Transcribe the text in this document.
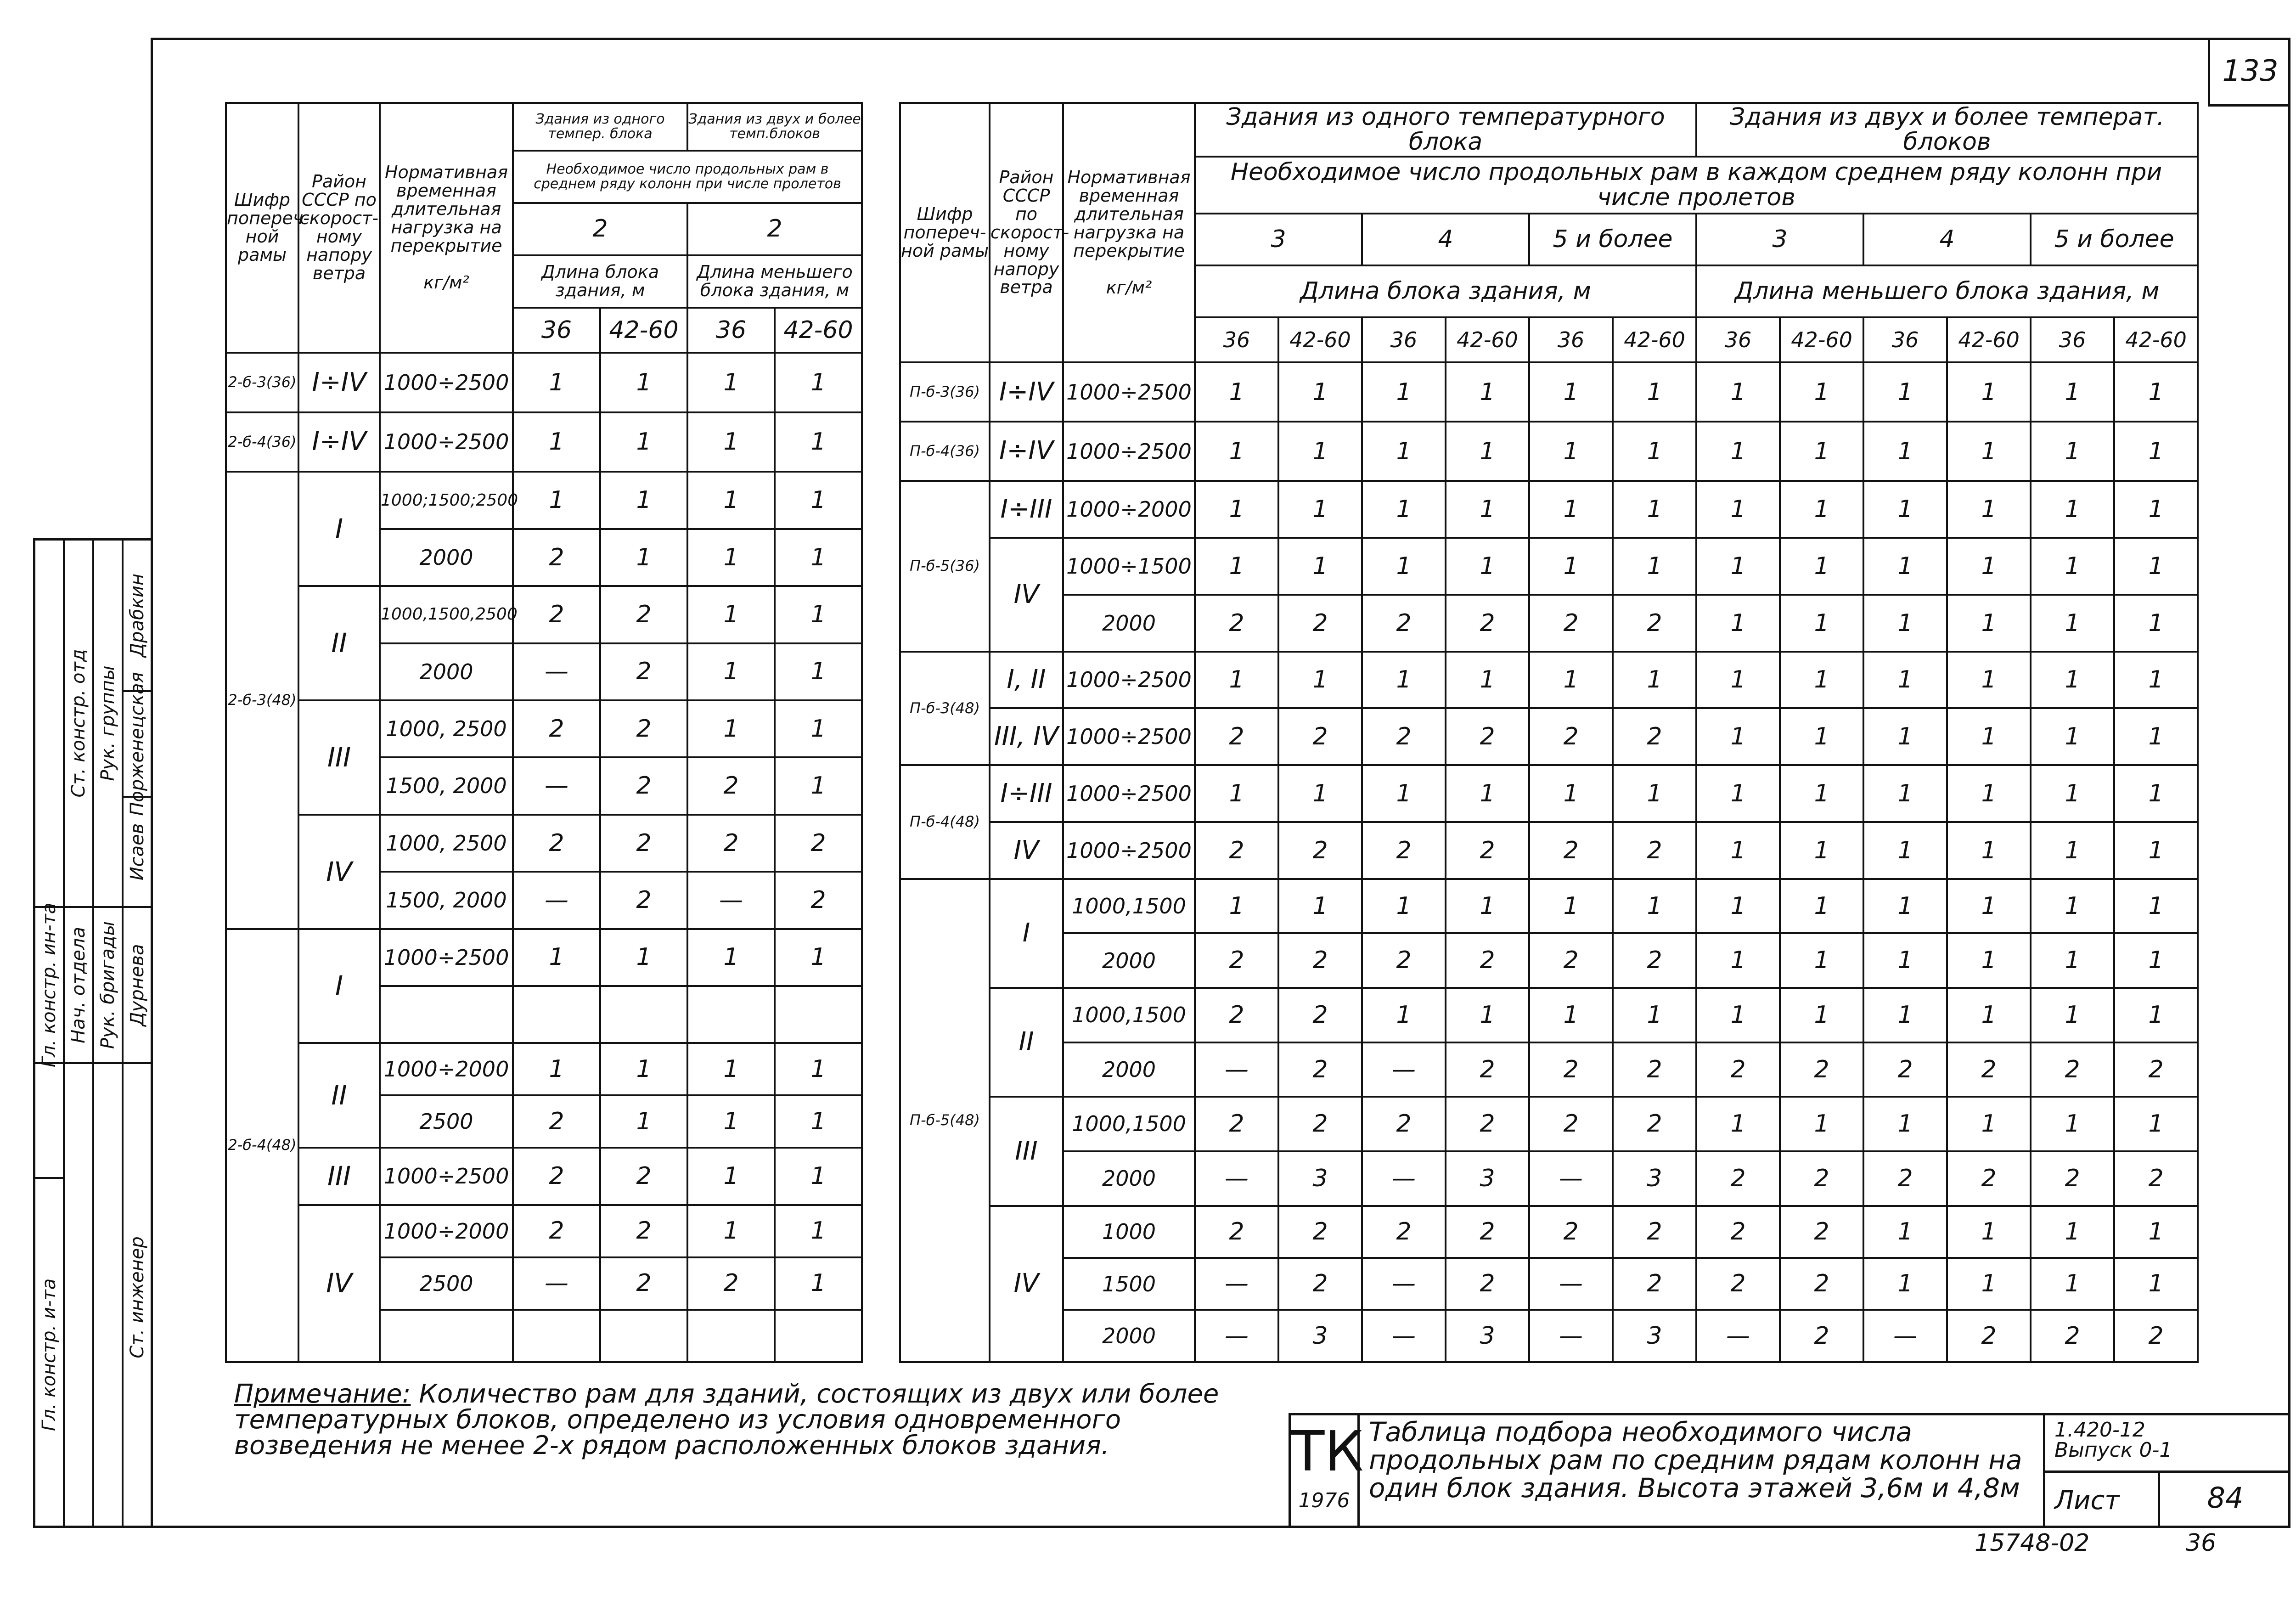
133
Шифр попереч-ной рамы	Район СССР по скорост-ному напору ветра	Нормативная временная длительная нагрузка на перекрытие
кг/м²	Здания из одного темпер. блока		Здания из двух и более темп.блоков	
			Необходимое число продольных рам в среднем ряду колонн при числе пролетов			
			2		2	
			Длина блока здания, м		Длина меньшего блока здания, м	
			36	42-60	36	42-60
2-б-3(36)	I÷IV	1000÷2500	1	1	1	1
2-б-4(36)	I÷IV	1000÷2500	1	1	1	1
2-б-3(48)	I	1000;1500;2500	1	1	1	1
		2000	2	1	1	1
	II	1000,1500,2500	2	2	1	1
		2000	—	2	1	1
	III	1000, 2500	2	2	1	1
		1500, 2000	—	2	2	1
	IV	1000, 2500	2	2	2	2
		1500, 2000	—	2	—	2
2-б-4(48)	I	1000÷2500	1	1	1	1

	II	1000÷2000	1	1	1	1
		2500	2	1	1	1
	III	1000÷2500	2	2	1	1
	IV	1000÷2000	2	2	1	1
		2500	—	2	2	1

Шифр попереч-ной рамы	Район СССР по скорост-ному напору ветра	Нормативная временная длительная нагрузка на перекрытие
кг/м²	Здания из одного температурного блока						Здания из двух и более температ. блоков					
			Необходимое число продольных рам в каждом среднем ряду колонн при числе пролетов											
			3		4		5 и более		3		4		5 и более	
			Длина блока здания, м						Длина меньшего блока здания, м					
			36	42-60	36	42-60	36	42-60	36	42-60	36	42-60	36	42-60
П-б-3(36)	I÷IV	1000÷2500	1	1	1	1	1	1	1	1	1	1	1	1
П-б-4(36)	I÷IV	1000÷2500	1	1	1	1	1	1	1	1	1	1	1	1
П-б-5(36)	I÷III	1000÷2000	1	1	1	1	1	1	1	1	1	1	1	1
	IV	1000÷1500	1	1	1	1	1	1	1	1	1	1	1	1
		2000	2	2	2	2	2	2	1	1	1	1	1	1
П-б-3(48)	I, II	1000÷2500	1	1	1	1	1	1	1	1	1	1	1	1
	III, IV	1000÷2500	2	2	2	2	2	2	1	1	1	1	1	1
П-б-4(48)	I÷III	1000÷2500	1	1	1	1	1	1	1	1	1	1	1	1
	IV	1000÷2500	2	2	2	2	2	2	1	1	1	1	1	1
П-б-5(48)	I	1000,1500	1	1	1	1	1	1	1	1	1	1	1	1
		2000	2	2	2	2	2	2	1	1	1	1	1	1
	II	1000,1500	2	2	1	1	1	1	1	1	1	1	1	1
		2000	—	2	—	2	2	2	2	2	2	2	2	2
	III	1000,1500	2	2	2	2	2	2	1	1	1	1	1	1
		2000	—	3	—	3	—	3	2	2	2	2	2	2
	IV	1000	2	2	2	2	2	2	2	2	1	1	1	1
		1500	—	2	—	2	—	2	2	2	1	1	1	1
		2000	—	3	—	3	—	3	—	2	—	2	2	2
Гл. констр. ин-та
Гл. констр. и-та
Ст. констр. отд
Нач. отдела
Рук. группы
Рук. бригады
Драбкин
Порженецская
Исаев
Дурнева
Ст. инженер
Примечание: Количество рам для зданий, состоящих из двух или более температурных блоков, определено из условия одновременного возведения не менее 2-х рядом расположенных блоков здания.	ТК
1976
Таблица подбора необходимого числа продольных рам по средним рядам колонн на один блок здания. Высота этажей 3,6м и 4,8м
1.420-12
Выпуск 0-1
Лист	84
15748-02	36
